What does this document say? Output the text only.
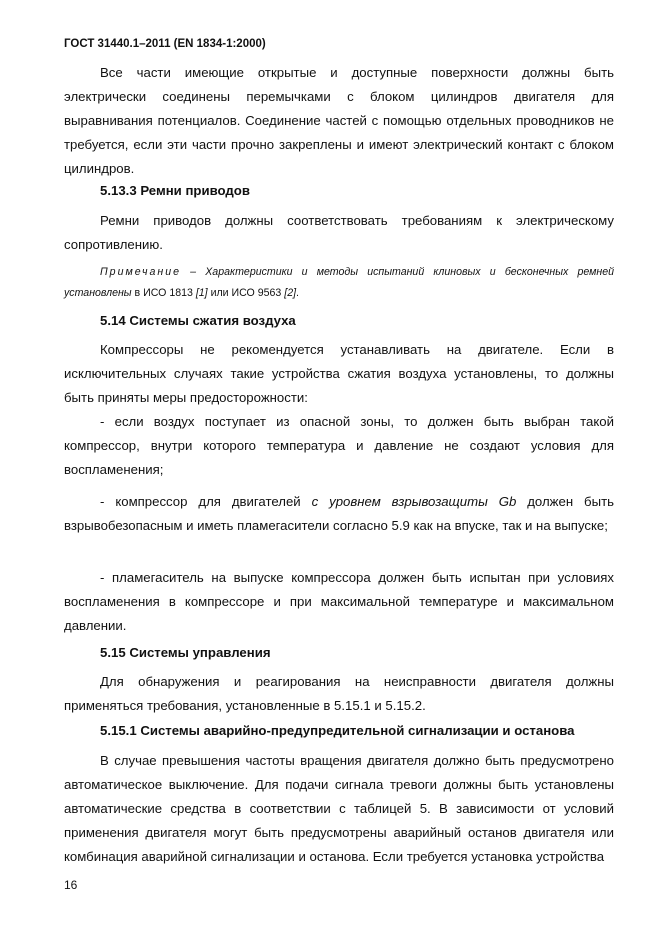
ГОСТ 31440.1–2011 (EN 1834-1:2000)
Все части имеющие открытые и доступные поверхности должны быть электрически соединены перемычками с блоком цилиндров двигателя для выравнивания потенциалов. Соединение частей с помощью отдельных проводников не требуется, если эти части прочно закреплены и имеют электрический контакт с блоком цилиндров.
5.13.3 Ремни приводов
Ремни приводов должны соответствовать требованиям к электрическому сопротивлению.
Примечание – Характеристики и методы испытаний клиновых и бесконечных ремней установлены в ИСО 1813 [1] или ИСО 9563 [2].
5.14 Системы сжатия воздуха
Компрессоры не рекомендуется устанавливать на двигателе. Если в исключительных случаях такие устройства сжатия воздуха установлены, то должны быть приняты меры предосторожности:
- если воздух поступает из опасной зоны, то должен быть выбран такой компрессор, внутри которого температура и давление не создают условия для воспламенения;
- компрессор для двигателей с уровнем взрывозащиты Gb должен быть взрывобезопасным и иметь пламегасители согласно 5.9 как на впуске, так и на выпуске;
- пламегаситель на выпуске компрессора должен быть испытан при условиях воспламенения в компрессоре и при максимальной температуре и максимальном давлении.
5.15 Системы управления
Для обнаружения и реагирования на неисправности двигателя должны применяться требования, установленные в 5.15.1 и 5.15.2.
5.15.1 Системы аварийно-предупредительной сигнализации и останова
В случае превышения частоты вращения двигателя должно быть предусмотрено автоматическое выключение. Для подачи сигнала тревоги должны быть установлены автоматические средства в соответствии с таблицей 5. В зависимости от условий применения двигателя могут быть предусмотрены аварийный останов двигателя или комбинация аварийной сигнализации и останова. Если требуется установка устройства
16
